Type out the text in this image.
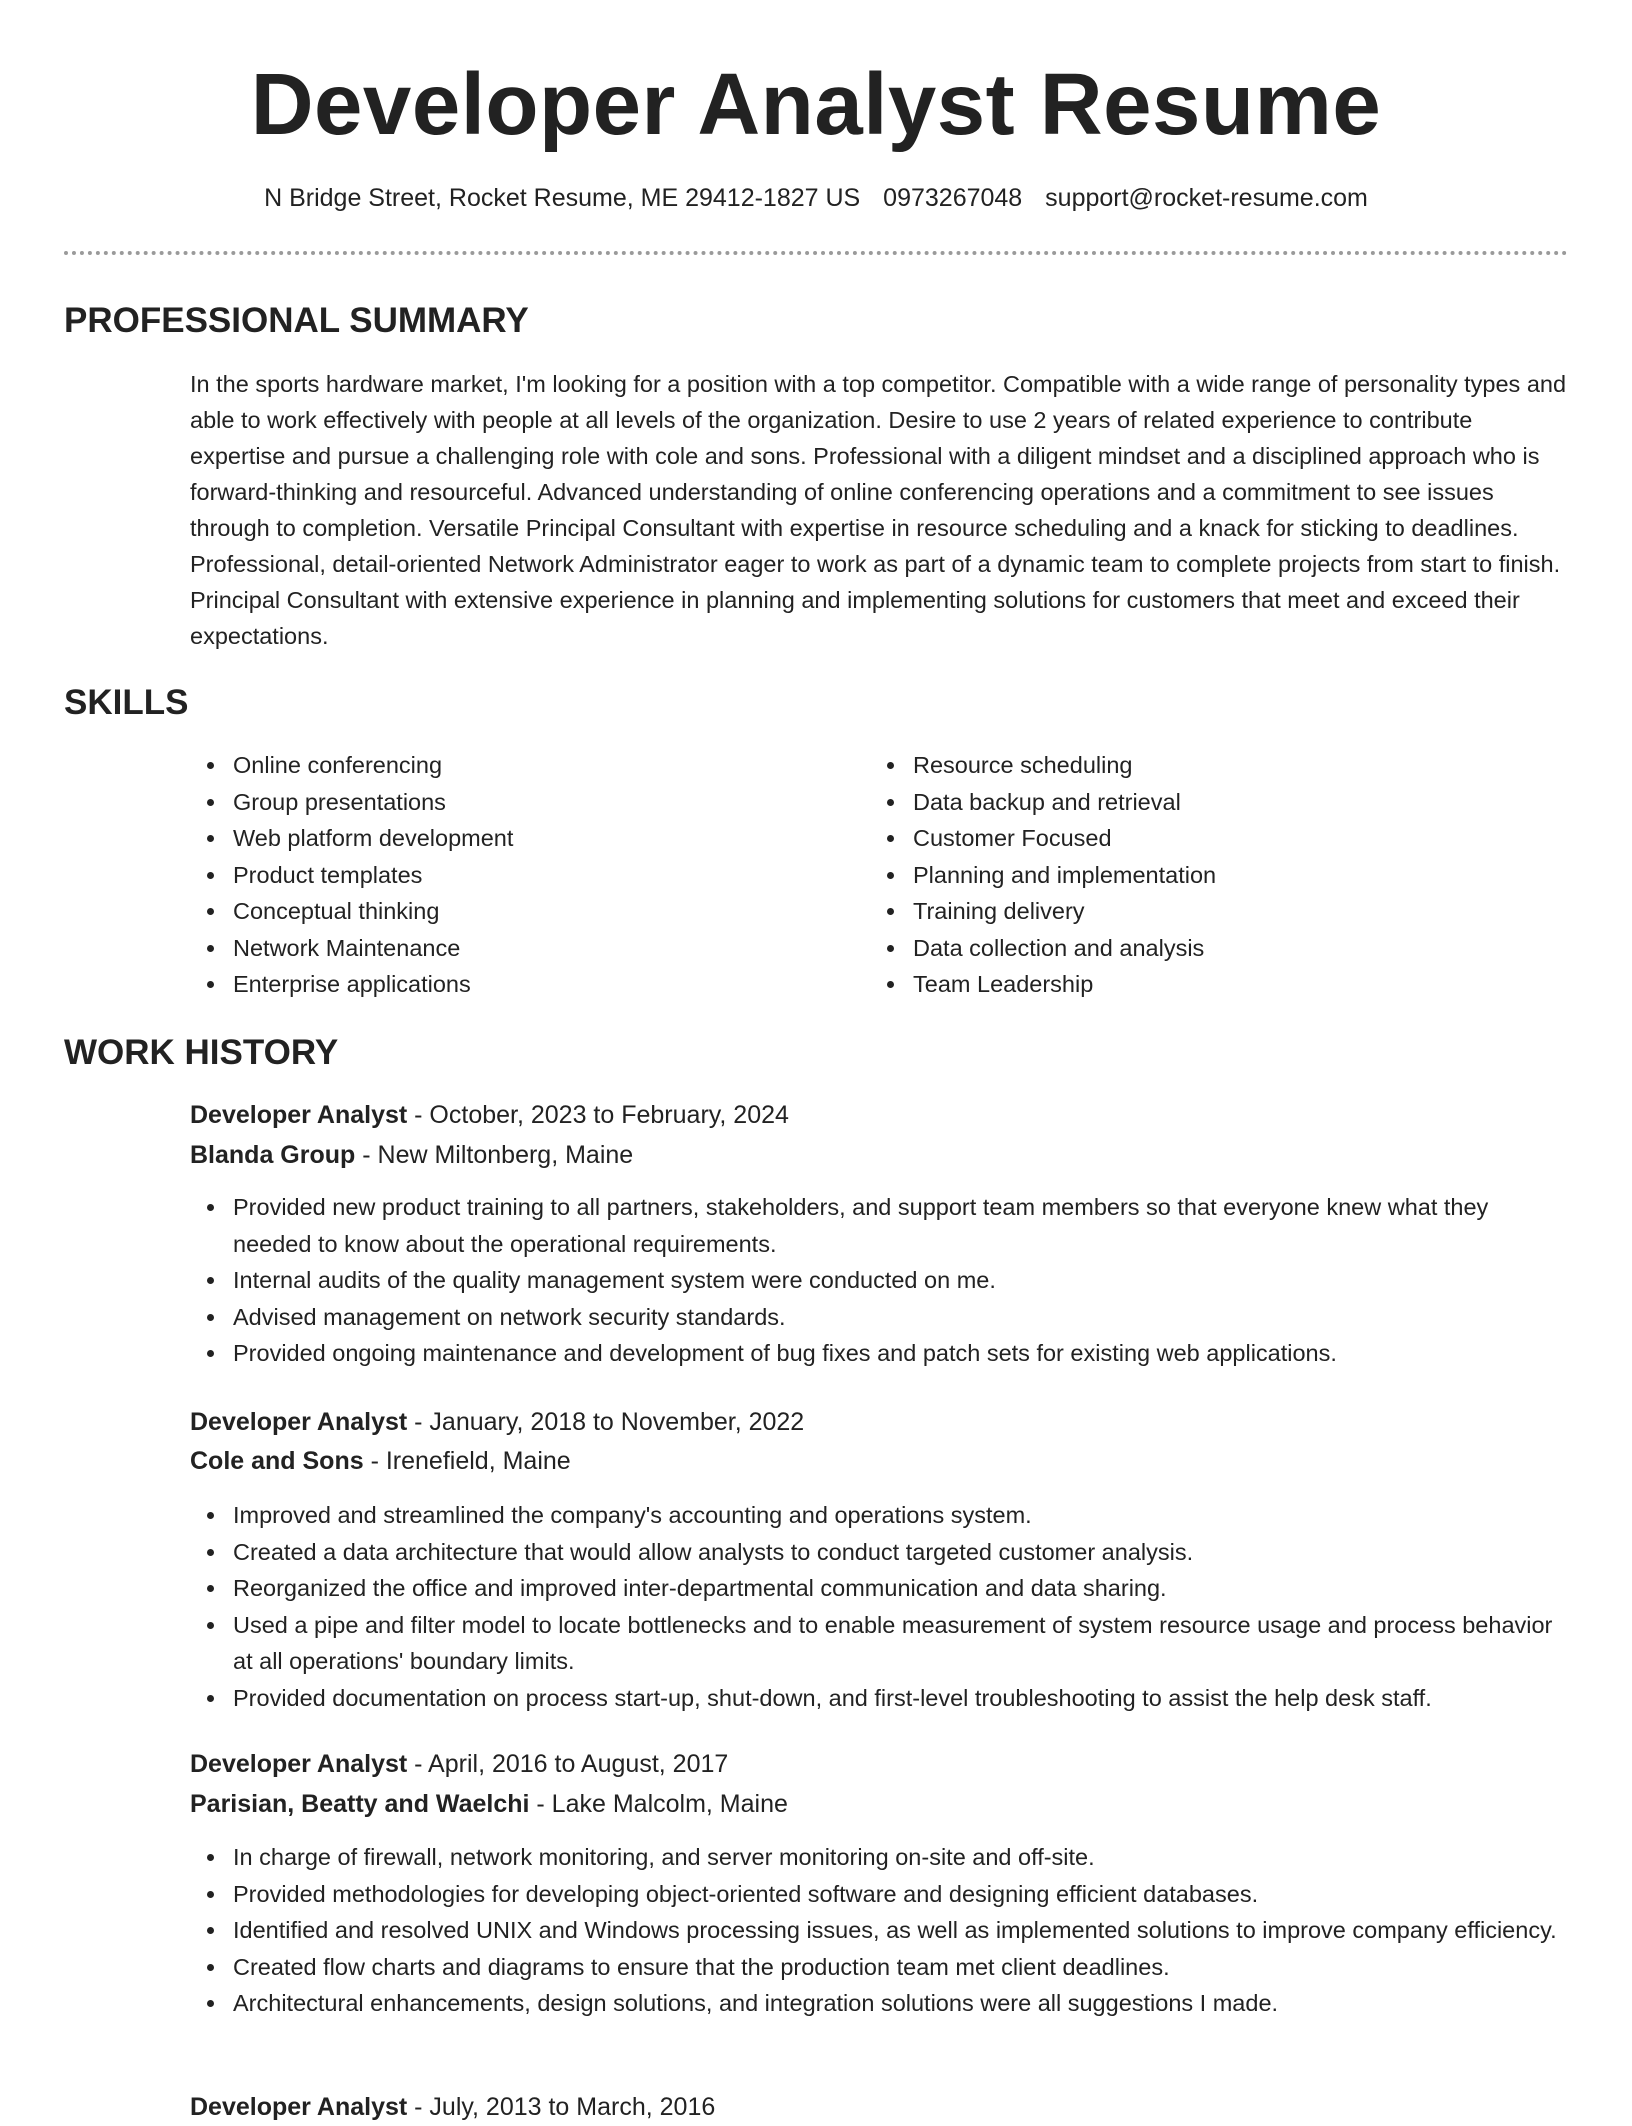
Developer Analyst Resume
N Bridge Street, Rocket Resume, ME 29412-1827 US 0973267048 support@rocket-resume.com
PROFESSIONAL SUMMARY

In the sports hardware market, I'm looking for a position with a top competitor. Compatible with a wide range of personality types and able to work effectively with people at all levels of the organization. Desire to use 2 years of related experience to contribute expertise and pursue a challenging role with cole and sons. Professional with a diligent mindset and a disciplined approach who is forward-thinking and resourceful. Advanced understanding of online conferencing operations and a commitment to see issues through to completion. Versatile Principal Consultant with expertise in resource scheduling and a knack for sticking to deadlines. Professional, detail-oriented Network Administrator eager to work as part of a dynamic team to complete projects from start to finish. Principal Consultant with extensive experience in planning and implementing solutions for customers that meet and exceed their expectations.

SKILLS
Online conferencing
Group presentations
Web platform development
Product templates
Conceptual thinking
Network Maintenance
Enterprise applications
Resource scheduling
Data backup and retrieval
Customer Focused
Planning and implementation
Training delivery
Data collection and analysis
Team Leadership
WORK HISTORY
Developer Analyst - October, 2023 to February, 2024
Blanda Group - New Miltonberg, Maine
Provided new product training to all partners, stakeholders, and support team members so that everyone knew what they needed to know about the operational requirements.
Internal audits of the quality management system were conducted on me.
Advised management on network security standards.
Provided ongoing maintenance and development of bug fixes and patch sets for existing web applications.
Developer Analyst - January, 2018 to November, 2022
Cole and Sons - Irenefield, Maine
Improved and streamlined the company's accounting and operations system.
Created a data architecture that would allow analysts to conduct targeted customer analysis.
Reorganized the office and improved inter-departmental communication and data sharing.
Used a pipe and filter model to locate bottlenecks and to enable measurement of system resource usage and process behavior at all operations' boundary limits.
Provided documentation on process start-up, shut-down, and first-level troubleshooting to assist the help desk staff.
Developer Analyst - April, 2016 to August, 2017
Parisian, Beatty and Waelchi - Lake Malcolm, Maine
In charge of firewall, network monitoring, and server monitoring on-site and off-site.
Provided methodologies for developing object-oriented software and designing efficient databases.
Identified and resolved UNIX and Windows processing issues, as well as implemented solutions to improve company efficiency.
Created flow charts and diagrams to ensure that the production team met client deadlines.
Architectural enhancements, design solutions, and integration solutions were all suggestions I made.
Developer Analyst - July, 2013 to March, 2016
